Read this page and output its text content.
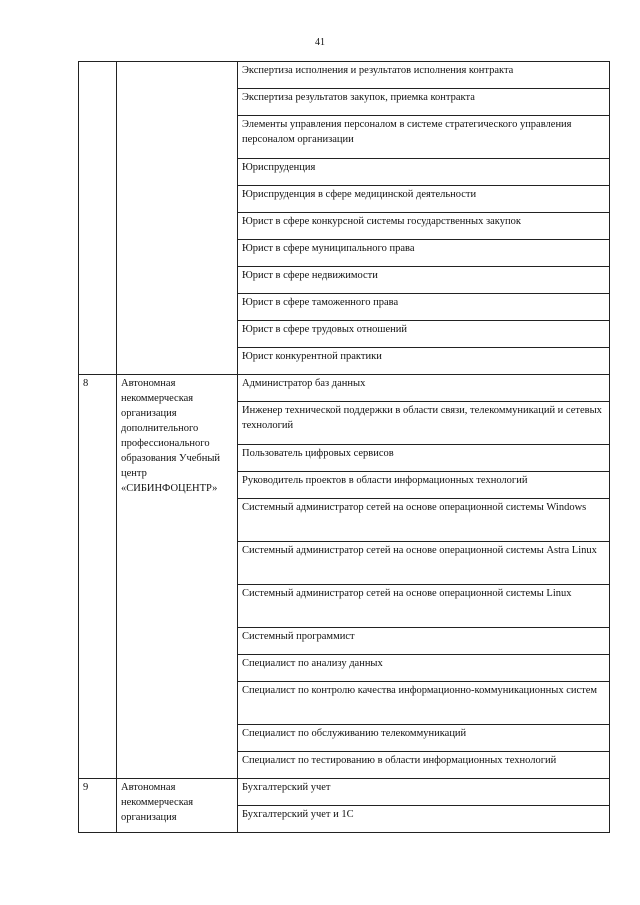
41
		Экспертиза исполнения и результатов исполнения контракта
		Экспертиза результатов закупок, приемка контракта
		Элементы управления персоналом в системе стратегического управления персоналом организации
		Юриспруденция
		Юриспруденция в сфере медицинской деятельности
		Юрист в сфере конкурсной системы государственных закупок
		Юрист в сфере муниципального права
		Юрист в сфере недвижимости
		Юрист в сфере таможенного права
		Юрист в сфере трудовых отношений
		Юрист конкурентной практики
8	Автономная некоммерческая организация дополнительного профессионального образования Учебный центр «СИБИНФОЦЕНТР»	Администратор баз данных
		Инженер технической поддержки в области связи, телекоммуникаций и сетевых технологий
		Пользователь цифровых сервисов
		Руководитель проектов в области информационных технологий
		Системный администратор сетей на основе операционной системы Windows
		Системный администратор сетей на основе операционной системы Astra Linux
		Системный администратор сетей на основе операционной системы Linux
		Системный программист
		Специалист по анализу данных
		Специалист по контролю качества информационно-коммуникационных систем
		Специалист по обслуживанию телекоммуникаций
		Специалист по тестированию в области информационных технологий
9	Автономная некоммерческая организация	Бухгалтерский учет
		Бухгалтерский учет и 1С
